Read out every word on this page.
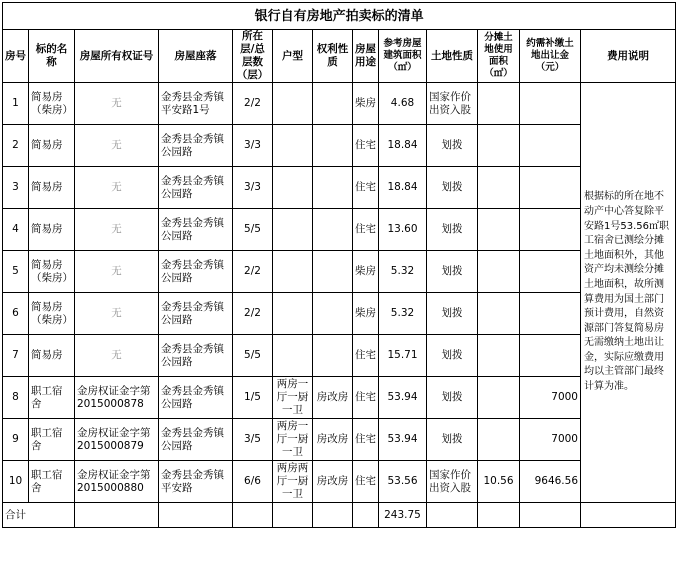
银行自有房地产拍卖标的清单												
房号	标的名称	房屋所有权证号	房屋座落	所在层/总层数（层）	户型	权利性质	房屋用途	参考房屋建筑面积（㎡）	土地性质	分摊土地使用面积（㎡）	约需补缴土地出让金（元）	费用说明
1	简易房（柴房）	无	金秀县金秀镇平安路1号	2/2			柴房	4.68	国家作价出资入股			根据标的所在地不动产中心答复除平安路1号53.56㎡职工宿舍已测绘分摊土地面积外，其他资产均未测绘分摊土地面积，故所测算费用为国土部门预计费用，自然资源部门答复简易房无需缴纳土地出让金，实际应缴费用均以主管部门最终计算为准。
2	简易房	无	金秀县金秀镇公园路	3/3			住宅	18.84	划拨			
3	简易房	无	金秀县金秀镇公园路	3/3			住宅	18.84	划拨			
4	简易房	无	金秀县金秀镇公园路	5/5			住宅	13.60	划拨			
5	简易房（柴房）	无	金秀县金秀镇公园路	2/2			柴房	5.32	划拨			
6	简易房（柴房）	无	金秀县金秀镇公园路	2/2			柴房	5.32	划拨			
7	简易房	无	金秀县金秀镇公园路	5/5			住宅	15.71	划拨			
8	职工宿舍	金房权证金字第2015000878	金秀县金秀镇公园路	1/5	两房一厅一厨一卫	房改房	住宅	53.94	划拨		7000	
9	职工宿舍	金房权证金字第2015000879	金秀县金秀镇公园路	3/5	两房一厅一厨一卫	房改房	住宅	53.94	划拨		7000	
10	职工宿舍	金房权证金字第2015000880	金秀县金秀镇平安路	6/6	两房两厅一厨一卫	房改房	住宅	53.56	国家作价出资入股	10.56	9646.56	
合计								243.75				
